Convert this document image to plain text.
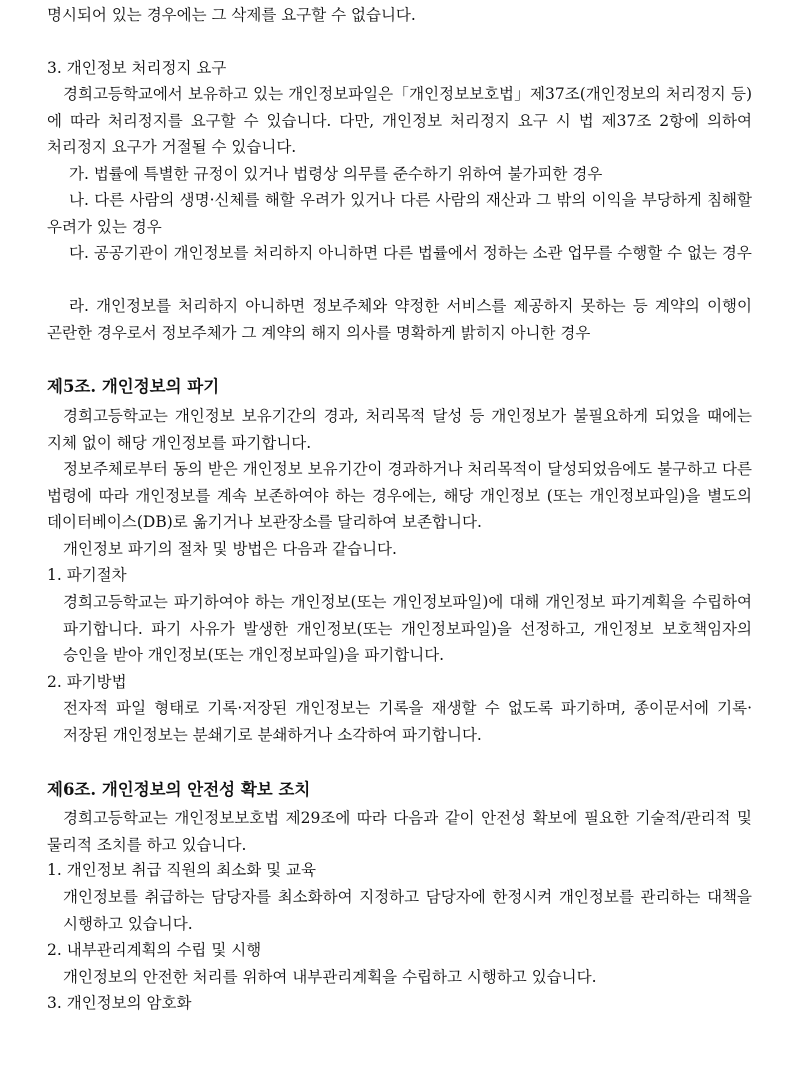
명시되어 있는 경우에는 그 삭제를 요구할 수 없습니다.

3. 개인정보 처리정지 요구

경희고등학교에서 보유하고 있는 개인정보파일은「개인정보보호법」제37조(개인정보의 처리정지 등)에 따라 처리정지를 요구할 수 있습니다. 다만, 개인정보 처리정지 요구 시 법 제37조 2항에 의하여 처리정지 요구가 거절될 수 있습니다.

가. 법률에 특별한 규정이 있거나 법령상 의무를 준수하기 위하여 불가피한 경우

나. 다른 사람의 생명·신체를 해할 우려가 있거나 다른 사람의 재산과 그 밖의 이익을 부당하게 침해할 우려가 있는 경우

다. 공공기관이 개인정보를 처리하지 아니하면 다른 법률에서 정하는 소관 업무를 수행할 수 없는 경우

라. 개인정보를 처리하지 아니하면 정보주체와 약정한 서비스를 제공하지 못하는 등 계약의 이행이 곤란한 경우로서 정보주체가 그 계약의 해지 의사를 명확하게 밝히지 아니한 경우

제5조. 개인정보의 파기

경희고등학교는 개인정보 보유기간의 경과, 처리목적 달성 등 개인정보가 불필요하게 되었을 때에는 지체 없이 해당 개인정보를 파기합니다.

정보주체로부터 동의 받은 개인정보 보유기간이 경과하거나 처리목적이 달성되었음에도 불구하고 다른 법령에 따라 개인정보를 계속 보존하여야 하는 경우에는, 해당 개인정보 (또는 개인정보파일)을 별도의 데이터베이스(DB)로 옮기거나 보관장소를 달리하여 보존합니다.

개인정보 파기의 절차 및 방법은 다음과 같습니다.

1. 파기절차

경희고등학교는 파기하여야 하는 개인정보(또는 개인정보파일)에 대해 개인정보 파기계획을 수립하여 파기합니다. 파기 사유가 발생한 개인정보(또는 개인정보파일)을 선정하고, 개인정보 보호책임자의 승인을 받아 개인정보(또는 개인정보파일)을 파기합니다.

2. 파기방법

전자적 파일 형태로 기록·저장된 개인정보는 기록을 재생할 수 없도록 파기하며, 종이문서에 기록·저장된 개인정보는 분쇄기로 분쇄하거나 소각하여 파기합니다.

제6조. 개인정보의 안전성 확보 조치

경희고등학교는 개인정보보호법 제29조에 따라 다음과 같이 안전성 확보에 필요한 기술적/관리적 및 물리적 조치를 하고 있습니다.

1. 개인정보 취급 직원의 최소화 및 교육

개인정보를 취급하는 담당자를 최소화하여 지정하고 담당자에 한정시켜 개인정보를 관리하는 대책을 시행하고 있습니다.

2. 내부관리계획의 수립 및 시행

개인정보의 안전한 처리를 위하여 내부관리계획을 수립하고 시행하고 있습니다.

3. 개인정보의 암호화
